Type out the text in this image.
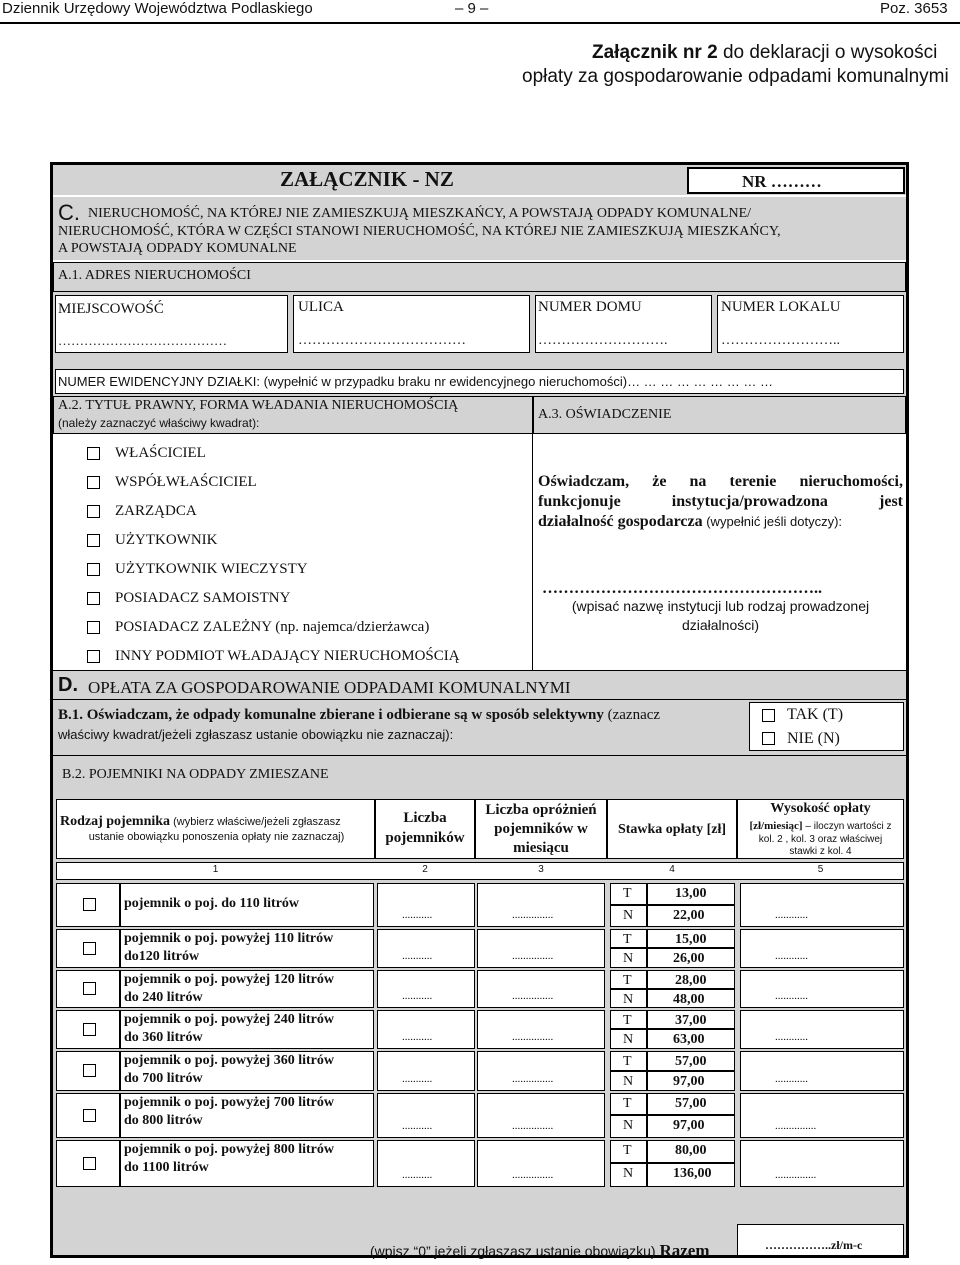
Dziennik Urzędowy Województwa Podlaskiego	– 9 –	Poz. 3653
Załącznik nr 2 do deklaracji o wysokości
opłaty za gospodarowanie odpadami komunalnymi
ZAŁĄCZNIK - NZ	NR ………
C. NIERUCHOMOŚĆ, NA KTÓREJ NIE ZAMIESZKUJĄ MIESZKAŃCY, A POWSTAJĄ ODPADY KOMUNALNE/
NIERUCHOMOŚĆ, KTÓRA W CZĘŚCI STANOWI NIERUCHOMOŚĆ, NA KTÓREJ NIE ZAMIESZKUJĄ MIESZKAŃCY,
A POWSTAJĄ ODPADY KOMUNALNE
A.1. ADRES NIERUCHOMOŚCI
MIEJSCOWOŚĆ
…………………………………
ULICA
………………………………
NUMER DOMU
……………………….
NUMER LOKALU
……………………..
NUMER EWIDENCYJNY DZIAŁKI: (wypełnić w przypadku braku nr ewidencyjnego nieruchomości)… … … … … … … … …
A.2. TYTUŁ PRAWNY, FORMA WŁADANIA NIERUCHOMOŚCIĄ
(należy zaznaczyć właściwy kwadrat):
A.3. OŚWIADCZENIE
WŁAŚCICIEL
WSPÓŁWŁAŚCICIEL
ZARZĄDCA
UŻYTKOWNIK
UŻYTKOWNIK WIECZYSTY
POSIADACZ SAMOISTNY
POSIADACZ ZALEŻNY (np. najemca/dzierżawca)
INNY PODMIOT WŁADAJĄCY NIERUCHOMOŚCIĄ
Oświadczam, że na terenie nieruchomości,
funkcjonuje instytucja/prowadzona jest
działalność gospodarcza (wypełnić jeśli dotyczy):
……………………………………………..
(wpisać nazwę instytucji lub rodzaj prowadzonej
działalności)
D. OPŁATA ZA GOSPODAROWANIE ODPADAMI KOMUNALNYMI
B.1. Oświadczam, że odpady komunalne zbierane i odbierane są w sposób selektywny (zaznacz
właściwy kwadrat/jeżeli zgłaszasz ustanie obowiązku nie zaznaczaj):
TAK (T)
NIE (N)
B.2. POJEMNIKI NA ODPADY ZMIESZANE
Rodzaj pojemnika (wybierz właściwe/jeżeli zgłaszasz
ustanie obowiązku ponoszenia opłaty nie zaznaczaj)
Liczba
pojemników
Liczba opróżnień
pojemników w
miesiącu
Stawka opłaty [zł]
Wysokość opłaty
[zł/miesiąc] – iloczyn wartości z
kol. 2 , kol. 3 oraz właściwej
stawki z kol. 4
1	2	3	4	5
pojemnik o poj. do 110 litrów
...........	...............
T	13,00
N	22,00	............
pojemnik o poj. powyżej 110 litrów
do120 litrów	...........	...............
T	15,00
N	26,00	............
pojemnik o poj. powyżej 120 litrów
do 240 litrów	...........	...............
T	28,00
N	48,00	............
pojemnik o poj. powyżej 240 litrów
do 360 litrów	...........	...............
T	37,00
N	63,00	............
pojemnik o poj. powyżej 360 litrów
do 700 litrów	...........	...............
T	57,00
N	97,00	............
pojemnik o poj. powyżej 700 litrów
do 800 litrów	...........	...............
T	57,00
N	97,00	...............
pojemnik o poj. powyżej 800 litrów
do 1100 litrów	...........	...............
T	80,00
N	136,00	...............
(wpisz “0” jeżeli zgłaszasz ustanie obowiązku) Razem	……………..zł/m-c
